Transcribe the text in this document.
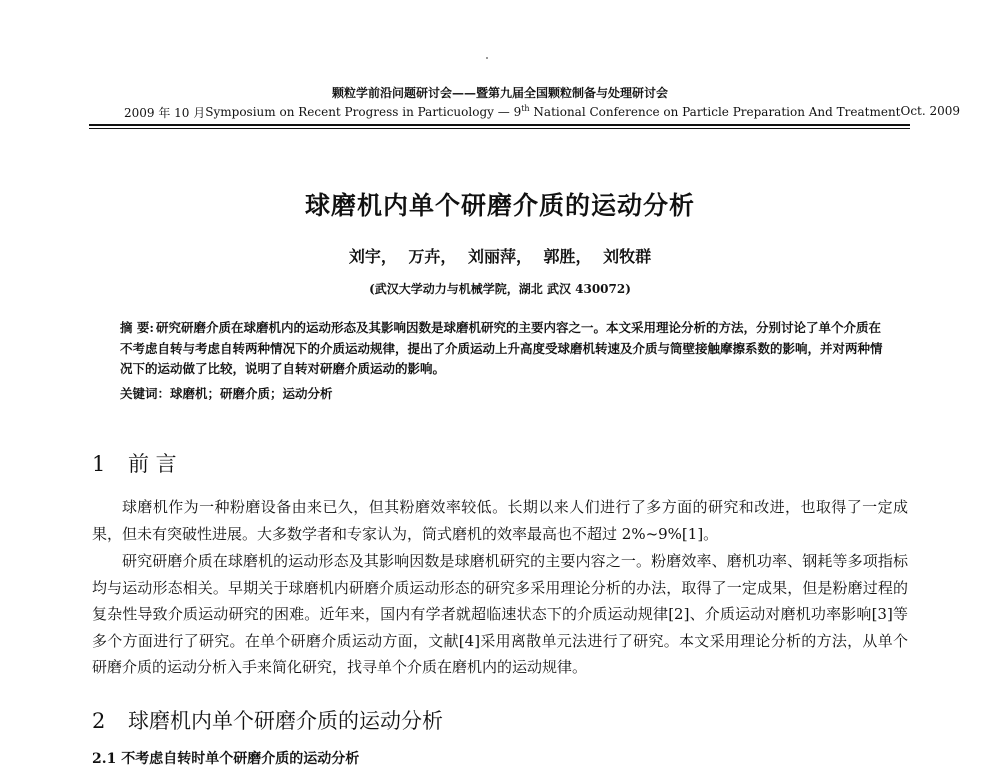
颗粒学前沿问题研讨会——暨第九届全国颗粒制备与处理研讨会
2009 年 10 月 Symposium on Recent Progress in Particuology — 9th National Conference on Particle Preparation And Treatment Oct. 2009
球磨机内单个研磨介质的运动分析
刘宇， 万卉， 刘丽萍， 郭胜， 刘牧群
(武汉大学动力与机械学院，湖北 武汉 430072)
摘 要: 研究研磨介质在球磨机内的运动形态及其影响因数是球磨机研究的主要内容之一。本文采用理论分析的方法，分别讨论了单个介质在不考虑自转与考虑自转两种情况下的介质运动规律，提出了介质运动上升高度受球磨机转速及介质与筒壁接触摩擦系数的影响，并对两种情况下的运动做了比较，说明了自转对研磨介质运动的影响。
关键词：球磨机；研磨介质；运动分析
1 前 言

球磨机作为一种粉磨设备由来已久，但其粉磨效率较低。长期以来人们进行了多方面的研究和改进，也取得了一定成果，但未有突破性进展。大多数学者和专家认为，筒式磨机的效率最高也不超过 2%~9%[1]。

研究研磨介质在球磨机的运动形态及其影响因数是球磨机研究的主要内容之一。粉磨效率、磨机功率、钢耗等多项指标均与运动形态相关。早期关于球磨机内研磨介质运动形态的研究多采用理论分析的办法，取得了一定成果，但是粉磨过程的复杂性导致介质运动研究的困难。近年来，国内有学者就超临速状态下的介质运动规律[2]、介质运动对磨机功率影响[3]等多个方面进行了研究。在单个研磨介质运动方面，文献[4]采用离散单元法进行了研究。本文采用理论分析的方法，从单个研磨介质的运动分析入手来简化研究，找寻单个介质在磨机内的运动规律。

2 球磨机内单个研磨介质的运动分析
2.1 不考虑自转时单个研磨介质的运动分析
